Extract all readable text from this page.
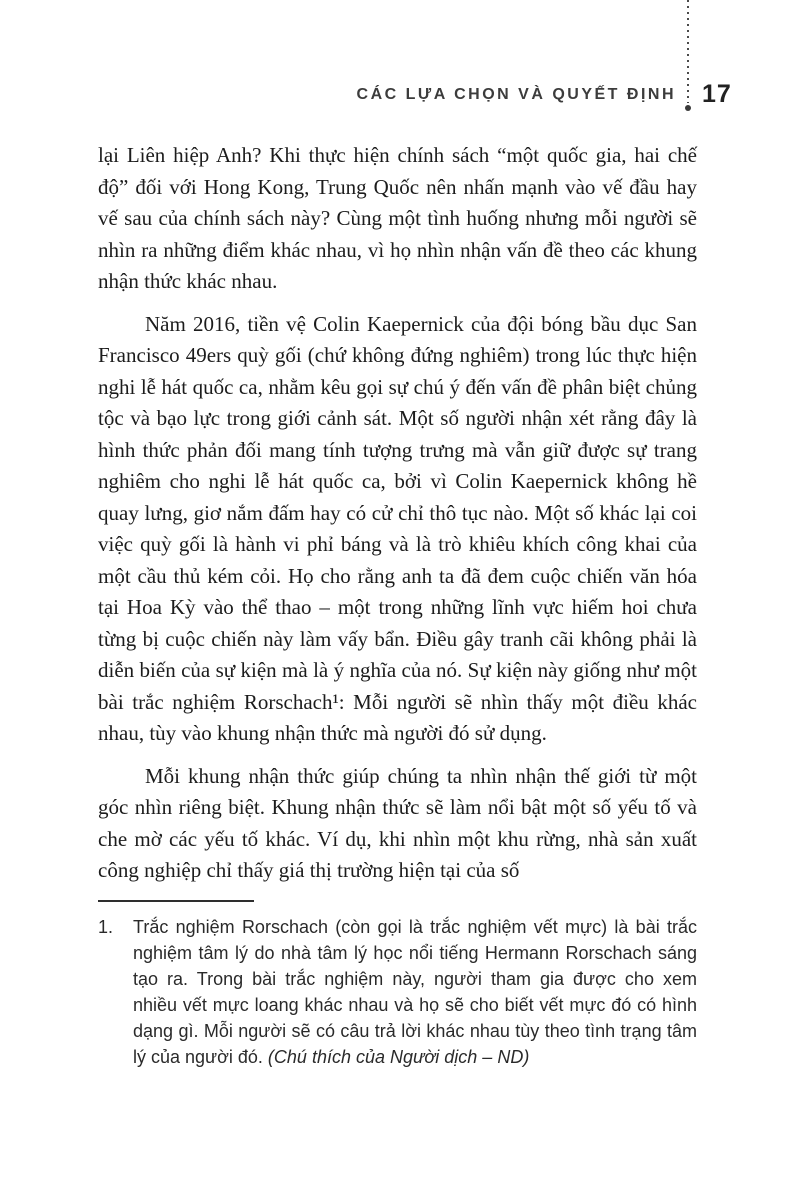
CÁC LỰA CHỌN VÀ QUYẾT ĐỊNH 17

lại Liên hiệp Anh? Khi thực hiện chính sách “một quốc gia, hai chế độ” đối với Hong Kong, Trung Quốc nên nhấn mạnh vào vế đầu hay vế sau của chính sách này? Cùng một tình huống nhưng mỗi người sẽ nhìn ra những điểm khác nhau, vì họ nhìn nhận vấn đề theo các khung nhận thức khác nhau.

Năm 2016, tiền vệ Colin Kaepernick của đội bóng bầu dục San Francisco 49ers quỳ gối (chứ không đứng nghiêm) trong lúc thực hiện nghi lễ hát quốc ca, nhằm kêu gọi sự chú ý đến vấn đề phân biệt chủng tộc và bạo lực trong giới cảnh sát. Một số người nhận xét rằng đây là hình thức phản đối mang tính tượng trưng mà vẫn giữ được sự trang nghiêm cho nghi lễ hát quốc ca, bởi vì Colin Kaepernick không hề quay lưng, giơ nắm đấm hay có cử chỉ thô tục nào. Một số khác lại coi việc quỳ gối là hành vi phỉ báng và là trò khiêu khích công khai của một cầu thủ kém cỏi. Họ cho rằng anh ta đã đem cuộc chiến văn hóa tại Hoa Kỳ vào thể thao – một trong những lĩnh vực hiếm hoi chưa từng bị cuộc chiến này làm vấy bẩn. Điều gây tranh cãi không phải là diễn biến của sự kiện mà là ý nghĩa của nó. Sự kiện này giống như một bài trắc nghiệm Rorschach¹: Mỗi người sẽ nhìn thấy một điều khác nhau, tùy vào khung nhận thức mà người đó sử dụng.

Mỗi khung nhận thức giúp chúng ta nhìn nhận thế giới từ một góc nhìn riêng biệt. Khung nhận thức sẽ làm nổi bật một số yếu tố và che mờ các yếu tố khác. Ví dụ, khi nhìn một khu rừng, nhà sản xuất công nghiệp chỉ thấy giá thị trường hiện tại của số

1. Trắc nghiệm Rorschach (còn gọi là trắc nghiệm vết mực) là bài trắc nghiệm tâm lý do nhà tâm lý học nổi tiếng Hermann Rorschach sáng tạo ra. Trong bài trắc nghiệm này, người tham gia được cho xem nhiều vết mực loang khác nhau và họ sẽ cho biết vết mực đó có hình dạng gì. Mỗi người sẽ có câu trả lời khác nhau tùy theo tình trạng tâm lý của người đó. (Chú thích của Người dịch – ND)
